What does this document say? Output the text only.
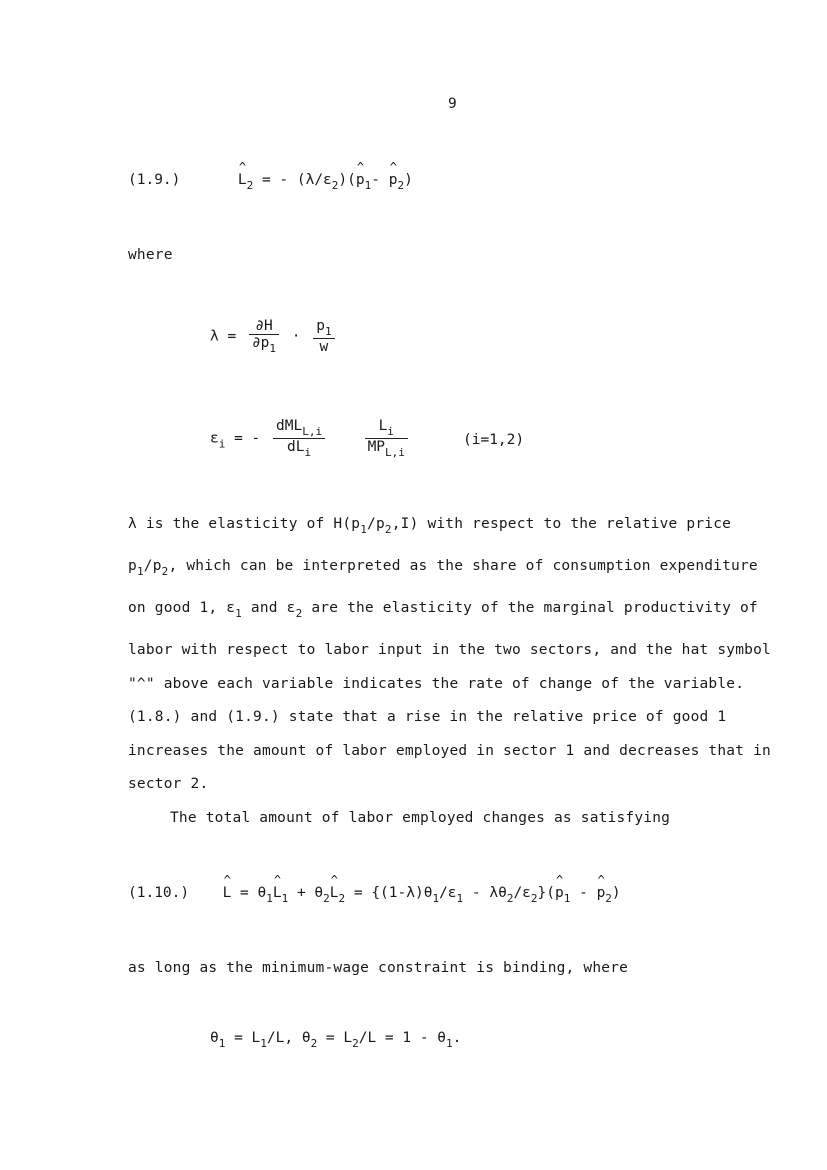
9
(1.9.)	^ $L_2$ = - $(\lambda/\varepsilon_2)(\^{}$ $p_1-$ ^ $p_2$)
where
$\lambda = \frac{\partial H}{\partial p_1} \cdot \frac{p_1}{w}$
$\varepsilon_i$ = - $\frac{dML_{L,i}}{dL_i}$
	$\frac{L_i}{MP_{L,i}}$	(i=1,2)
λ is the elasticity of $H(p_1/p_2,I)$ with respect to the relative price
$p_1/p_2$, which can be interpreted as the share of consumption expenditure
on good 1, $\varepsilon_1$ and $\varepsilon_2$ are the elasticity of the marginal productivity of
labor with respect to labor input in the two sectors, and the hat symbol
"^" above each variable indicates the rate of change of the variable.
(1.8.) and (1.9.) state that a rise in the relative price of good 1
increases the amount of labor employed in sector 1 and decreases that in
sector 2.
The total amount of labor employed changes as satisfying
(1.10.) ^ $L = \theta_1\^{}$ $L_1$ + $\theta_2\^{}$ $L_2 = \{(1-\lambda)\theta_1/\varepsilon_1$ - $\lambda\theta_2/\varepsilon_2\}(\^{}$ $p_1$ - ^ $p_2$)
as long as the minimum-wage constraint is binding, where
$\theta_1 = L_1/L$, $\theta_2 = L_2/L = 1 - \theta_1$.
